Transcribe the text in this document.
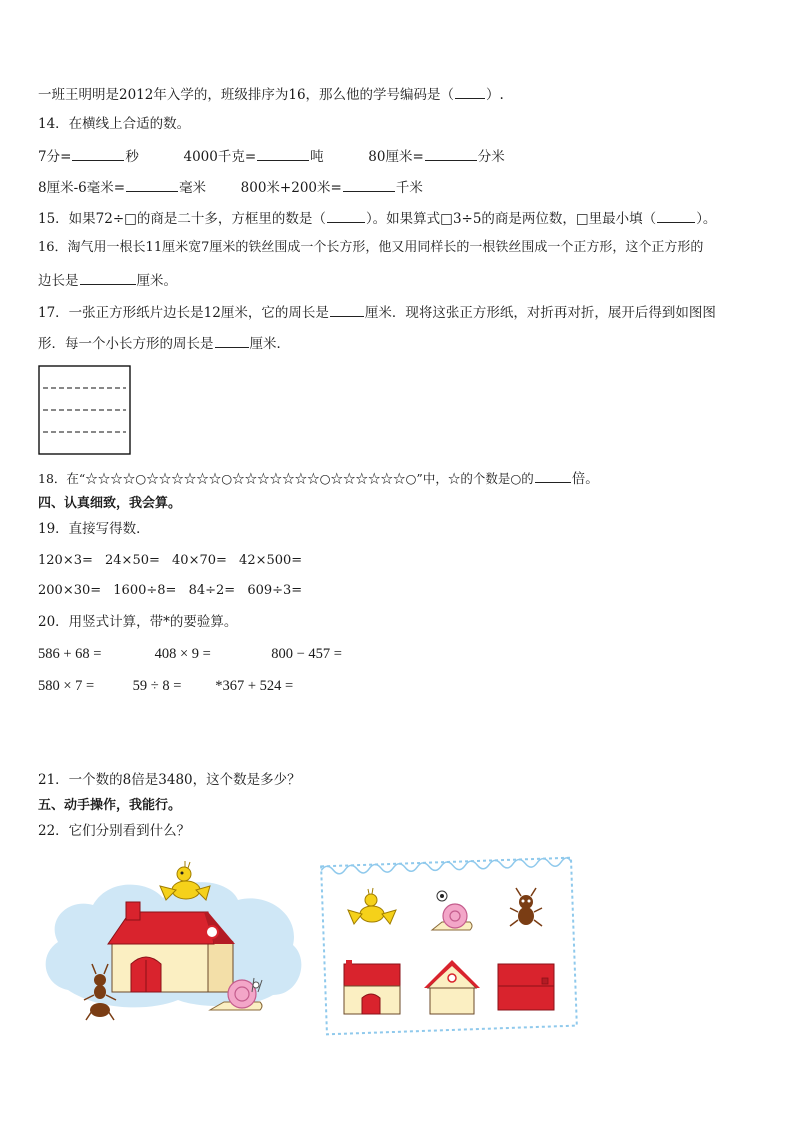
一班王明明是2012年入学的，班级排序为16，那么他的学号编码是（ ）.
14．在横线上合适的数。
7分=	秒	4000千克=	吨	80厘米=	分米
8厘米-6毫米=	毫米	800米+200米=	千米
15．如果72÷□的商是二十多，方框里的数是（	）。如果算式□3÷5的商是两位数，□里最小填（	）。
16．淘气用一根长11厘米宽7厘米的铁丝围成一个长方形，他又用同样长的一根铁丝围成一个正方形，这个正方形的
边长是	厘米。
17．一张正方形纸片边长是12厘米，它的周长是	厘米．现将这张正方形纸，对折再对折，展开后得到如图图
形．每一个小长方形的周长是	厘米．
18．在“☆☆☆☆○☆☆☆☆☆☆○☆☆☆☆☆☆☆○☆☆☆☆☆☆○”中，☆的个数是○的	倍。
四、认真细致，我会算。
19．直接写得数．
120×3= 24×50= 40×70= 42×500=
200×30= 1600÷8= 84÷2= 609÷3=
20．用竖式计算，带*的要验算。
586 + 68 =	408 × 9 =	800 − 457 =
580 × 7 =	59 ÷ 8 = *367 + 524 =
21．一个数的8倍是3480，这个数是多少？
五、动手操作，我能行。
22．它们分别看到什么？
